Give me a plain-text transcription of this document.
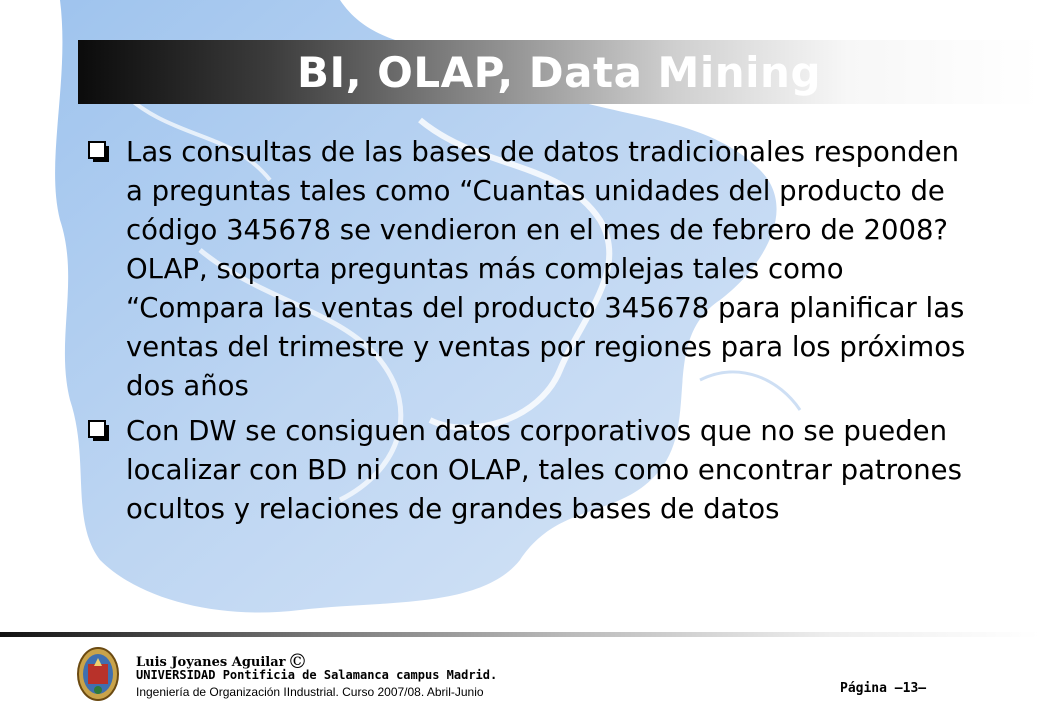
BI, OLAP, Data Mining
Las consultas de las bases de datos tradicionales responden a preguntas tales como “Cuantas unidades del producto de código 345678 se vendieron en el mes de febrero de 2008? OLAP, soporta preguntas más complejas tales como “Compara las ventas del producto 345678 para planificar las ventas del trimestre y ventas por regiones para los próximos dos años
Con DW se consiguen datos corporativos que no se pueden localizar con BD ni con OLAP, tales como encontrar patrones ocultos y relaciones de grandes bases de datos
Luis Joyanes Aguilar ©
UNIVERSIDAD Pontificia de Salamanca campus Madrid.
Ingeniería de Organización IIndustrial. Curso 2007/08. Abril-Junio	Página –13–
